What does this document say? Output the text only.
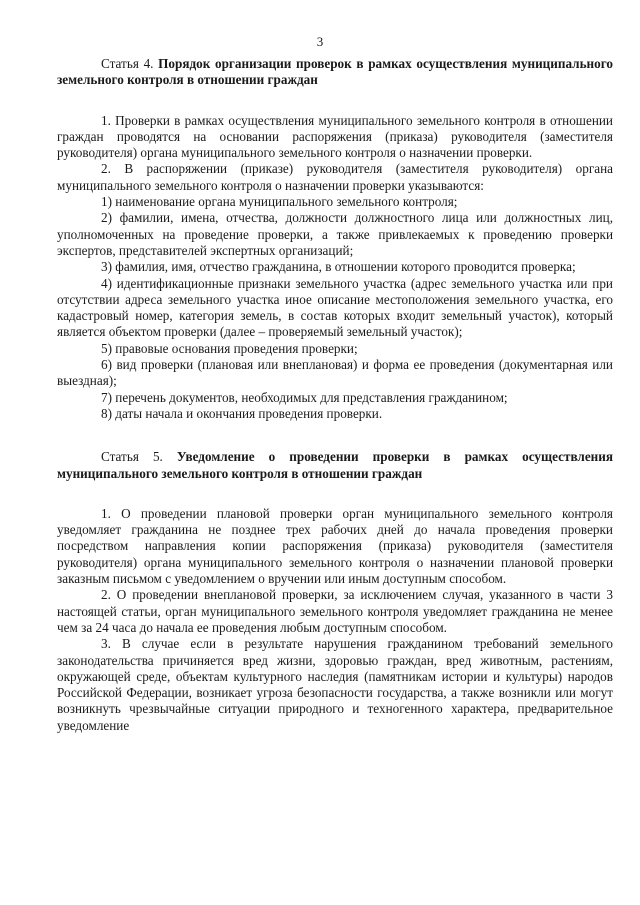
3

Статья 4. Порядок организации проверок в рамках осуществления муниципального земельного контроля в отношении граждан

1. Проверки в рамках осуществления муниципального земельного контроля в отношении граждан проводятся на основании распоряжения (приказа) руководителя (заместителя руководителя) органа муниципального земельного контроля о назначении проверки.

2. В распоряжении (приказе) руководителя (заместителя руководителя) органа муниципального земельного контроля о назначении проверки указываются:

1) наименование органа муниципального земельного контроля;

2) фамилии, имена, отчества, должности должностного лица или должностных лиц, уполномоченных на проведение проверки, а также привлекаемых к проведению проверки экспертов, представителей экспертных организаций;

3) фамилия, имя, отчество гражданина, в отношении которого проводится проверка;

4) идентификационные признаки земельного участка (адрес земельного участка или при отсутствии адреса земельного участка иное описание местоположения земельного участка, его кадастровый номер, категория земель, в состав которых входит земельный участок), который является объектом проверки (далее – проверяемый земельный участок);

5) правовые основания проведения проверки;

6) вид проверки (плановая или внеплановая) и форма ее проведения (документарная или выездная);

7) перечень документов, необходимых для представления гражданином;

8) даты начала и окончания проведения проверки.

Статья 5. Уведомление о проведении проверки в рамках осуществления муниципального земельного контроля в отношении граждан

1. О проведении плановой проверки орган муниципального земельного контроля уведомляет гражданина не позднее трех рабочих дней до начала проведения проверки посредством направления копии распоряжения (приказа) руководителя (заместителя руководителя) органа муниципального земельного контроля о назначении плановой проверки заказным письмом с уведомлением о вручении или иным доступным способом.

2. О проведении внеплановой проверки, за исключением случая, указанного в части 3 настоящей статьи, орган муниципального земельного контроля уведомляет гражданина не менее чем за 24 часа до начала ее проведения любым доступным способом.

3. В случае если в результате нарушения гражданином требований земельного законодательства причиняется вред жизни, здоровью граждан, вред животным, растениям, окружающей среде, объектам культурного наследия (памятникам истории и культуры) народов Российской Федерации, возникает угроза безопасности государства, а также возникли или могут возникнуть чрезвычайные ситуации природного и техногенного характера, предварительное уведомление
